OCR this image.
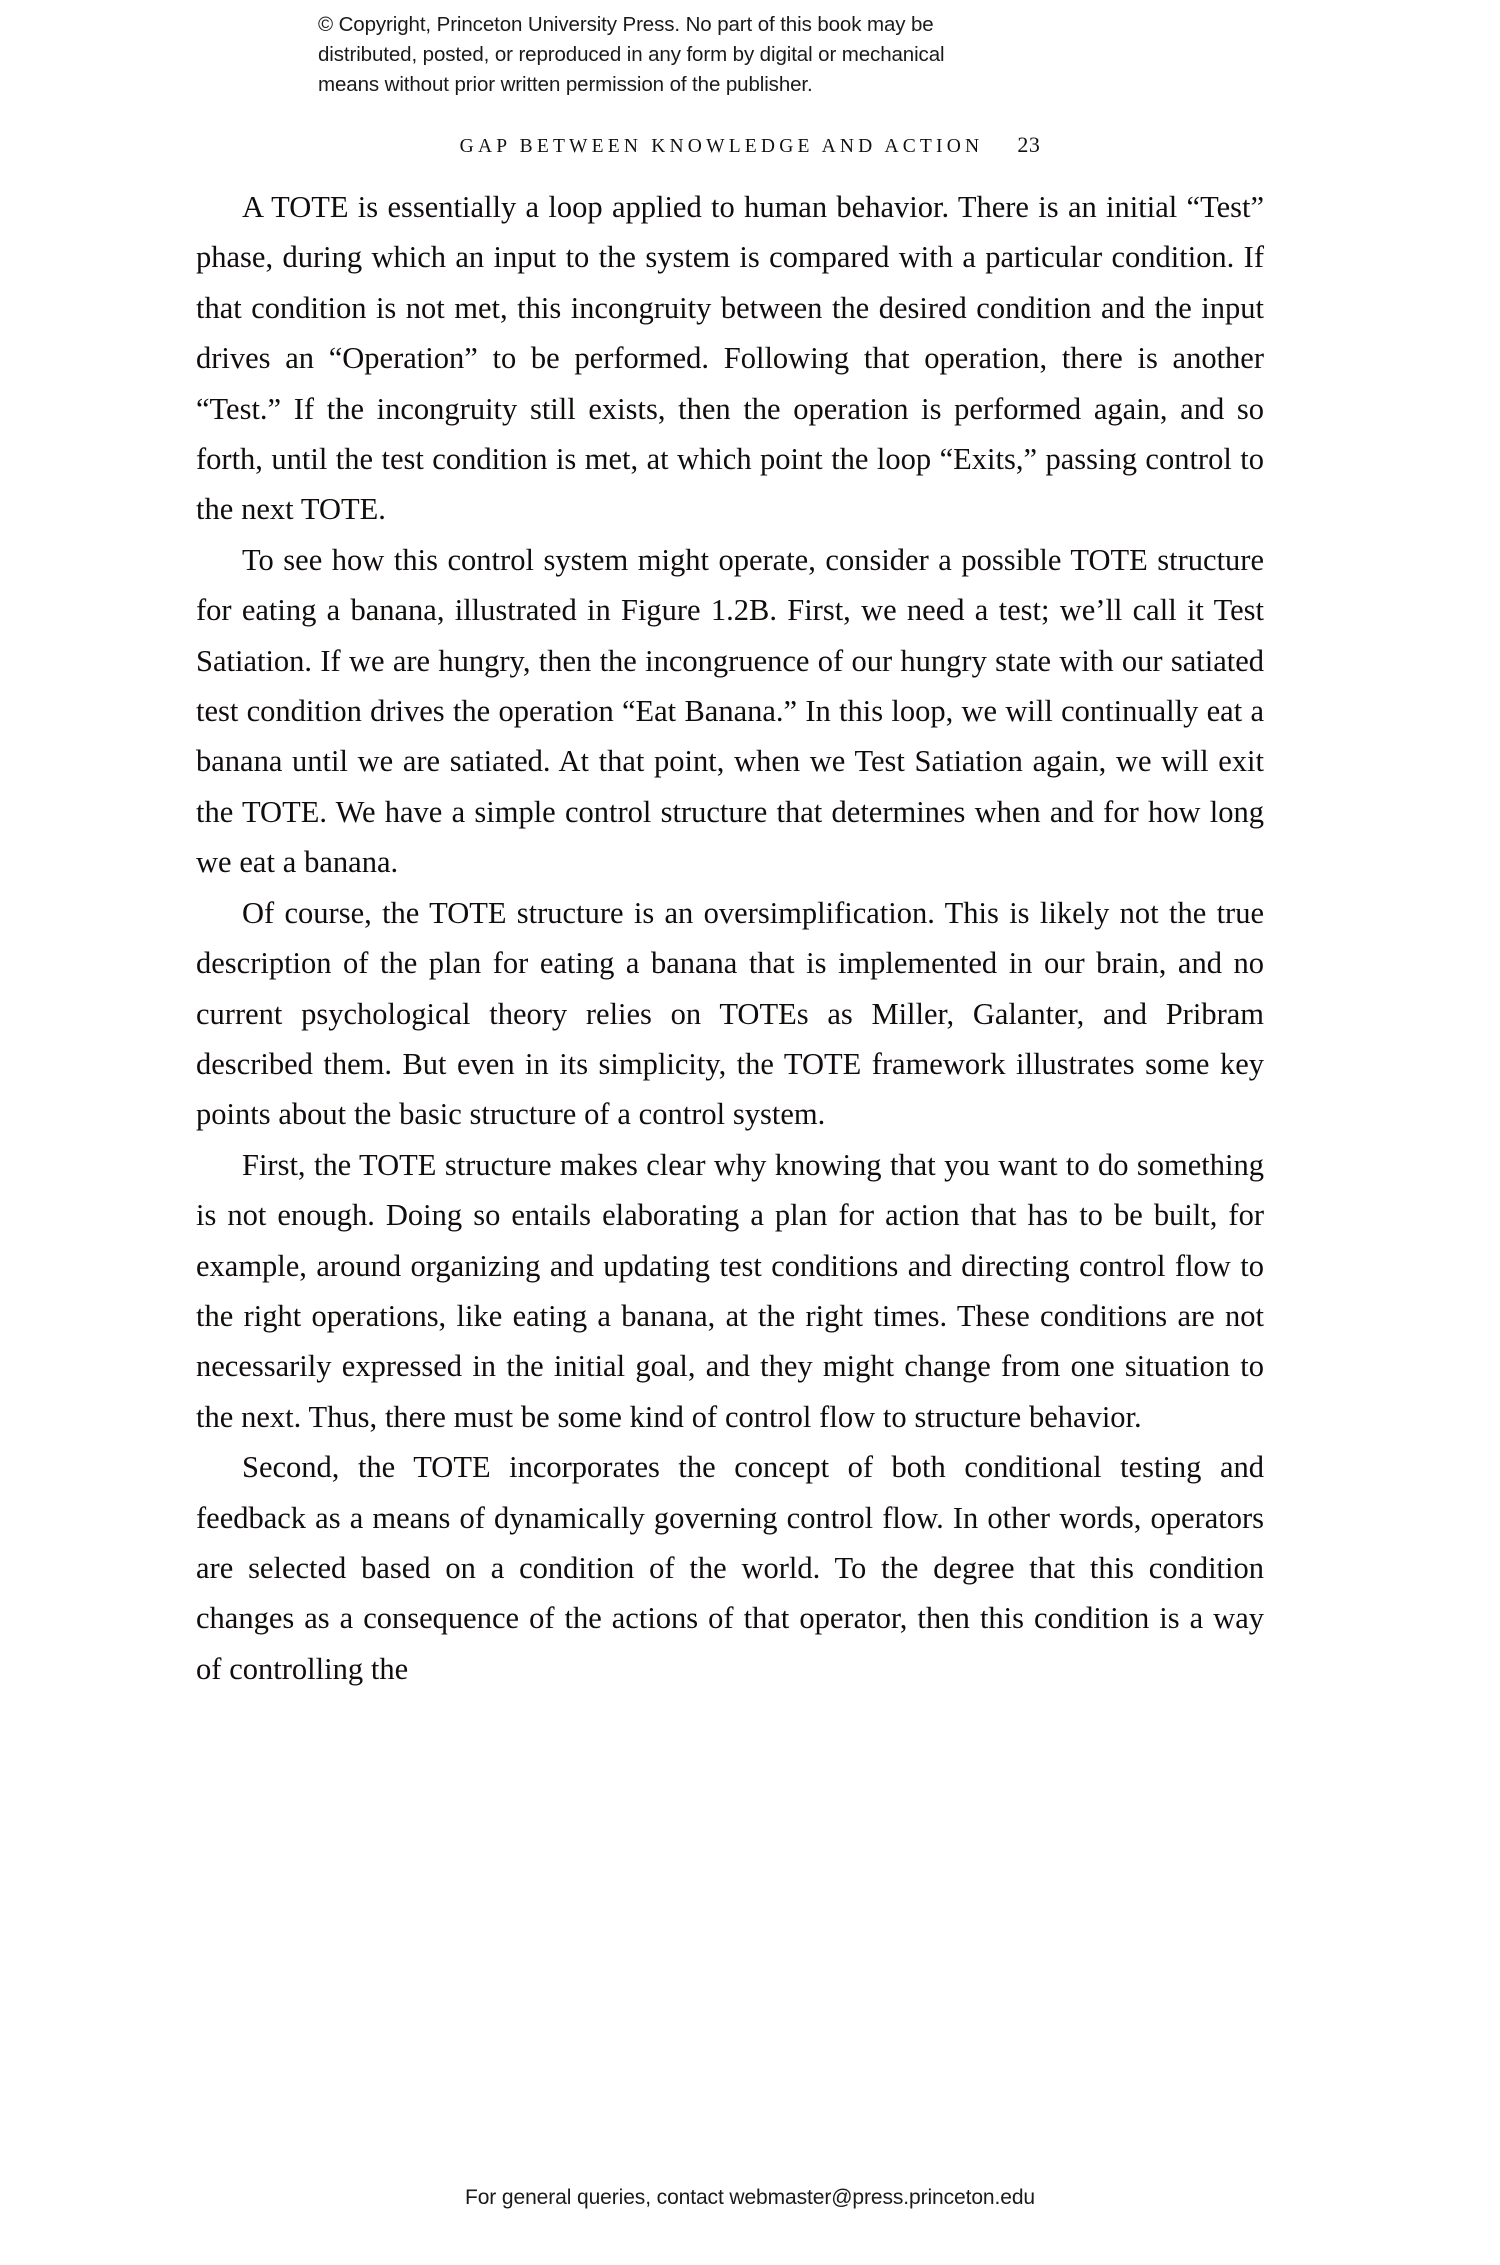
© Copyright, Princeton University Press. No part of this book may be
distributed, posted, or reproduced in any form by digital or mechanical
means without prior written permission of the publisher.
GAP BETWEEN KNOWLEDGE AND ACTION 23

A TOTE is essentially a loop applied to human behavior. There is an initial “Test” phase, during which an input to the system is compared with a particular condition. If that condition is not met, this incongruity between the desired condition and the input drives an “Operation” to be performed. Following that operation, there is another “Test.” If the incongruity still exists, then the operation is performed again, and so forth, until the test condition is met, at which point the loop “Exits,” passing control to the next TOTE.

To see how this control system might operate, consider a possible TOTE structure for eating a banana, illustrated in Figure 1.2B. First, we need a test; we’ll call it Test Satiation. If we are hungry, then the incongruence of our hungry state with our satiated test condition drives the operation “Eat Banana.” In this loop, we will continually eat a banana until we are satiated. At that point, when we Test Satiation again, we will exit the TOTE. We have a simple control structure that determines when and for how long we eat a banana.

Of course, the TOTE structure is an oversimplification. This is likely not the true description of the plan for eating a banana that is implemented in our brain, and no current psychological theory relies on TOTEs as Miller, Galanter, and Pribram described them. But even in its simplicity, the TOTE framework illustrates some key points about the basic structure of a control system.

First, the TOTE structure makes clear why knowing that you want to do something is not enough. Doing so entails elaborating a plan for action that has to be built, for example, around organizing and updating test conditions and directing control flow to the right operations, like eating a banana, at the right times. These conditions are not necessarily expressed in the initial goal, and they might change from one situation to the next. Thus, there must be some kind of control flow to structure behavior.

Second, the TOTE incorporates the concept of both conditional testing and feedback as a means of dynamically governing control flow. In other words, operators are selected based on a condition of the world. To the degree that this condition changes as a consequence of the actions of that operator, then this condition is a way of controlling the

For general queries, contact webmaster@press.princeton.edu
